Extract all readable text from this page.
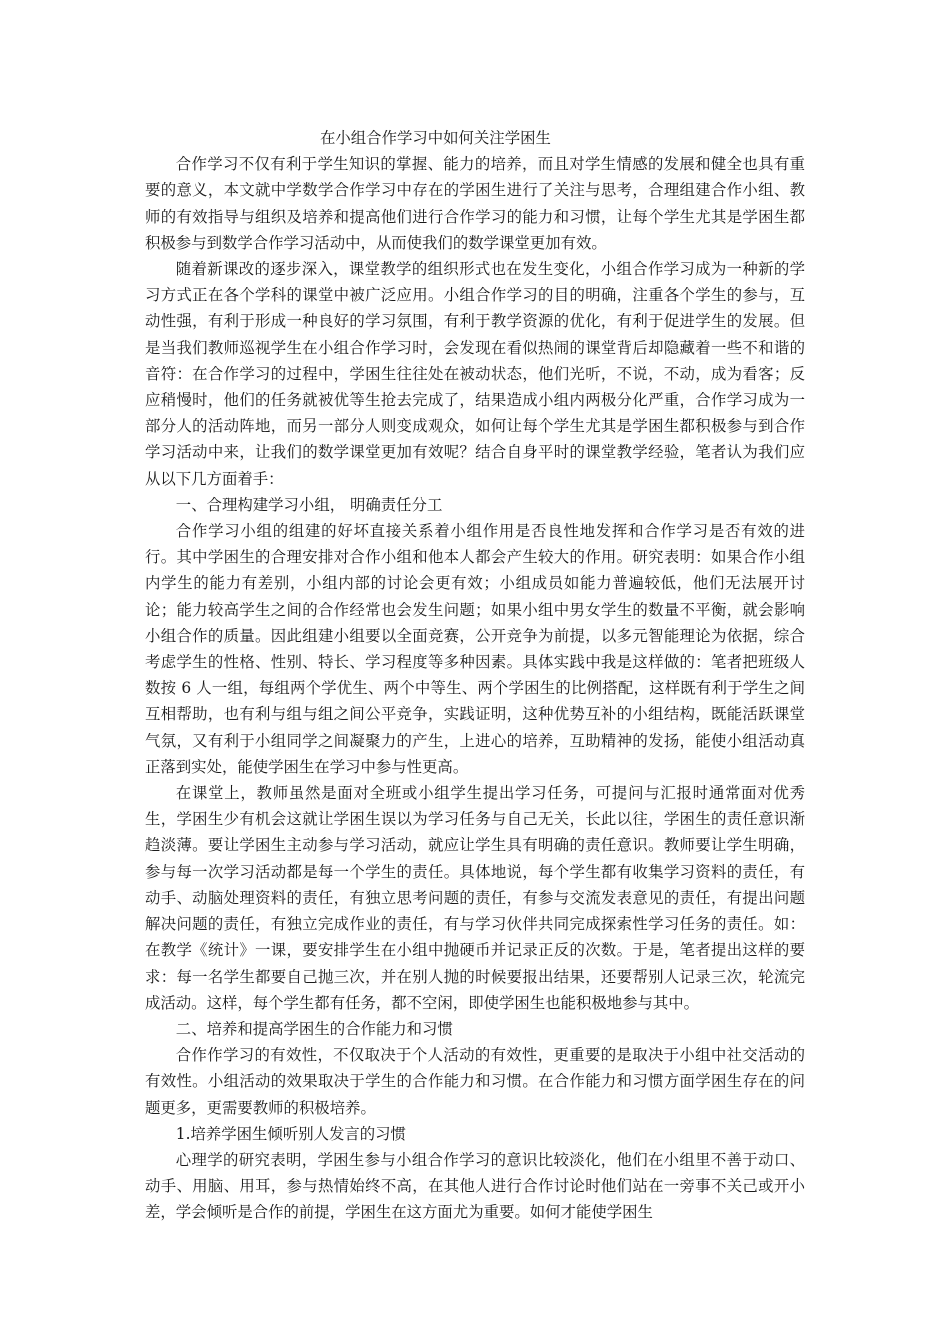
在小组合作学习中如何关注学困生

合作学习不仅有利于学生知识的掌握、能力的培养，而且对学生情感的发展和健全也具有重要的意义，本文就中学数学合作学习中存在的学困生进行了关注与思考，合理组建合作小组、教师的有效指导与组织及培养和提高他们进行合作学习的能力和习惯，让每个学生尤其是学困生都积极参与到数学合作学习活动中，从而使我们的数学课堂更加有效。

随着新课改的逐步深入，课堂教学的组织形式也在发生变化，小组合作学习成为一种新的学习方式正在各个学科的课堂中被广泛应用。小组合作学习的目的明确，注重各个学生的参与，互动性强，有利于形成一种良好的学习氛围，有利于教学资源的优化，有利于促进学生的发展。但是当我们教师巡视学生在小组合作学习时，会发现在看似热闹的课堂背后却隐藏着一些不和谐的音符：在合作学习的过程中，学困生往往处在被动状态，他们光听，不说，不动，成为看客；反应稍慢时，他们的任务就被优等生抢去完成了，结果造成小组内两极分化严重，合作学习成为一部分人的活动阵地，而另一部分人则变成观众，如何让每个学生尤其是学困生都积极参与到合作学习活动中来，让我们的数学课堂更加有效呢？结合自身平时的课堂教学经验，笔者认为我们应从以下几方面着手：

一、合理构建学习小组， 明确责任分工

合作学习小组的组建的好坏直接关系着小组作用是否良性地发挥和合作学习是否有效的进行。其中学困生的合理安排对合作小组和他本人都会产生较大的作用。研究表明：如果合作小组内学生的能力有差别，小组内部的讨论会更有效；小组成员如能力普遍较低，他们无法展开讨论；能力较高学生之间的合作经常也会发生问题；如果小组中男女学生的数量不平衡，就会影响小组合作的质量。因此组建小组要以全面竞赛，公开竞争为前提，以多元智能理论为依据，综合考虑学生的性格、性别、特长、学习程度等多种因素。具体实践中我是这样做的：笔者把班级人数按 6 人一组，每组两个学优生、两个中等生、两个学困生的比例搭配，这样既有利于学生之间互相帮助，也有利与组与组之间公平竞争，实践证明，这种优势互补的小组结构，既能活跃课堂气氛，又有利于小组同学之间凝聚力的产生，上进心的培养，互助精神的发扬，能使小组活动真正落到实处，能使学困生在学习中参与性更高。

在课堂上，教师虽然是面对全班或小组学生提出学习任务，可提问与汇报时通常面对优秀生，学困生少有机会这就让学困生误以为学习任务与自己无关，长此以往，学困生的责任意识渐趋淡薄。要让学困生主动参与学习活动，就应让学生具有明确的责任意识。教师要让学生明确，参与每一次学习活动都是每一个学生的责任。具体地说，每个学生都有收集学习资料的责任，有动手、动脑处理资料的责任，有独立思考问题的责任，有参与交流发表意见的责任，有提出问题解决问题的责任，有独立完成作业的责任，有与学习伙伴共同完成探索性学习任务的责任。如：在教学《统计》一课，要安排学生在小组中抛硬币并记录正反的次数。于是，笔者提出这样的要求：每一名学生都要自己抛三次，并在别人抛的时候要报出结果，还要帮别人记录三次，轮流完成活动。这样，每个学生都有任务，都不空闲，即使学困生也能积极地参与其中。

二、培养和提高学困生的合作能力和习惯

合作作学习的有效性，不仅取决于个人活动的有效性，更重要的是取决于小组中社交活动的有效性。小组活动的效果取决于学生的合作能力和习惯。在合作能力和习惯方面学困生存在的问题更多，更需要教师的积极培养。

1.培养学困生倾听别人发言的习惯

心理学的研究表明，学困生参与小组合作学习的意识比较淡化，他们在小组里不善于动口、动手、用脑、用耳，参与热情始终不高，在其他人进行合作讨论时他们站在一旁事不关己或开小差，学会倾听是合作的前提，学困生在这方面尤为重要。如何才能使学困生
